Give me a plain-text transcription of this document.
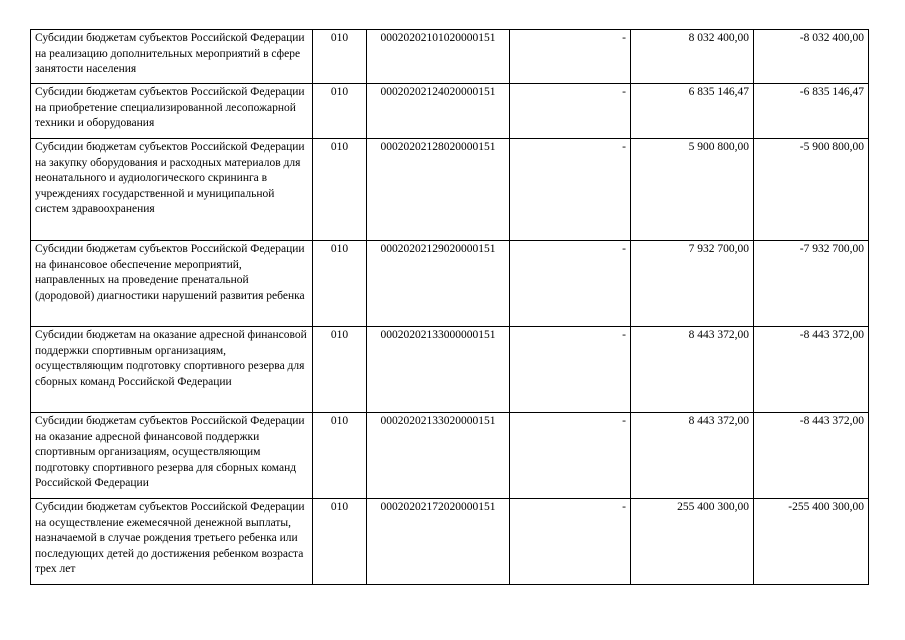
Субсидии бюджетам субъектов Российской Федерации на реализацию дополнительных мероприятий в сфере занятости населения	010	00020202101020000151	-	8 032 400,00	-8 032 400,00
Субсидии бюджетам субъектов Российской Федерации на приобретение специализированной лесопожарной техники и оборудования	010	00020202124020000151	-	6 835 146,47	-6 835 146,47
Субсидии бюджетам субъектов Российской Федерации на закупку оборудования и расходных материалов для неонатального и аудиологического скрининга в учреждениях государственной и муниципальной систем здравоохранения	010	00020202128020000151	-	5 900 800,00	-5 900 800,00
Субсидии бюджетам субъектов Российской Федерации на финансовое обеспечение мероприятий, направленных на проведение пренатальной (дородовой) диагностики нарушений развития ребенка	010	00020202129020000151	-	7 932 700,00	-7 932 700,00
Субсидии бюджетам на оказание адресной финансовой поддержки спортивным организациям, осуществляющим подготовку спортивного резерва для сборных команд Российской Федерации	010	00020202133000000151	-	8 443 372,00	-8 443 372,00
Субсидии бюджетам субъектов Российской Федерации на оказание адресной финансовой поддержки спортивным организациям, осуществляющим подготовку спортивного резерва для сборных команд Российской Федерации	010	00020202133020000151	-	8 443 372,00	-8 443 372,00
Субсидии бюджетам субъектов Российской Федерации на осуществление ежемесячной денежной выплаты, назначаемой в случае рождения третьего ребенка или последующих детей до достижения ребенком возраста трех лет	010	00020202172020000151	-	255 400 300,00	-255 400 300,00
